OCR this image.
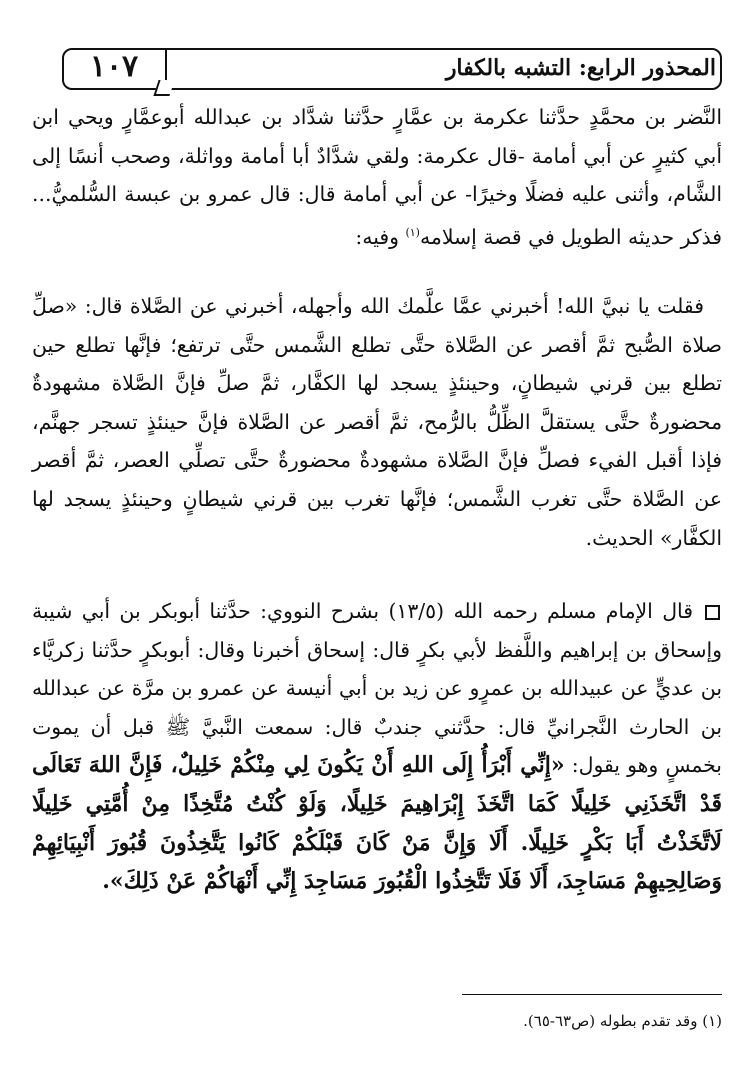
١٠٧	المحذور الرابع: التشبه بالكفار

النَّضر بن محمَّدٍ حدَّثنا عكرمة بن عمَّارٍ حدَّثنا شدَّاد بن عبدالله أبوعمَّارٍ ويحي ابن أبي كثيرٍ عن أبي أمامة -قال عكرمة: ولقي شدَّادٌ أبا أمامة وواثلة، وصحب أنسًا إلى الشَّام، وأثنى عليه فضلًا وخيرًا- عن أبي أمامة قال: قال عمرو بن عبسة السُّلميُّ... فذكر حديثه الطويل في قصة إسلامه$^{(١)}$ وفيه:

فقلت يا نبيَّ الله! أخبرني عمَّا علَّمك الله وأجهله، أخبرني عن الصَّلاة قال: «صلِّ صلاة الصُّبح ثمَّ أقصر عن الصَّلاة حتَّى تطلع الشَّمس حتَّى ترتفع؛ فإنَّها تطلع حين تطلع بين قرني شيطانٍ، وحينئذٍ يسجد لها الكفَّار، ثمَّ صلِّ فإنَّ الصَّلاة مشهودةٌ محضورةٌ حتَّى يستقلَّ الظِّلُّ بالرُّمح، ثمَّ أقصر عن الصَّلاة فإنَّ حينئذٍ تسجر جهنَّم، فإذا أقبل الفيء فصلِّ فإنَّ الصَّلاة مشهودةٌ محضورةٌ حتَّى تصلِّي العصر، ثمَّ أقصر عن الصَّلاة حتَّى تغرب الشَّمس؛ فإنَّها تغرب بين قرني شيطانٍ وحينئذٍ يسجد لها الكفَّار» الحديث.

قال الإمام مسلم رحمه الله (١٣/٥) بشرح النووي: حدَّثنا أبوبكر بن أبي شيبة وإسحاق بن إبراهيم واللَّفظ لأبي بكرٍ قال: إسحاق أخبرنا وقال: أبوبكرٍ حدَّثنا زكريَّاء بن عديٍّ عن عبيدالله بن عمرٍو عن زيد بن أبي أنيسة عن عمرو بن مرَّة عن عبدالله بن الحارث النَّجرانيِّ قال: حدَّثني جندبٌ قال: سمعت النَّبيَّ ﷺ قبل أن يموت بخمسٍ وهو يقول: «إِنِّي أَبْرَأُ إِلَى اللهِ أَنْ يَكُونَ لِي مِنْكُمْ خَلِيلٌ، فَإِنَّ اللهَ تَعَالَى قَدْ اتَّخَذَنِي خَلِيلًا كَمَا اتَّخَذَ إِبْرَاهِيمَ خَلِيلًا، وَلَوْ كُنْتُ مُتَّخِذًا مِنْ أُمَّتِي خَلِيلًا لَاتَّخَذْتُ أَبَا بَكْرٍ خَلِيلًا. أَلَا وَإِنَّ مَنْ كَانَ قَبْلَكُمْ كَانُوا يَتَّخِذُونَ قُبُورَ أَنْبِيَائِهِمْ وَصَالِحِيهِمْ مَسَاجِدَ، أَلَا فَلَا تَتَّخِذُوا الْقُبُورَ مَسَاجِدَ إِنِّي أَنْهَاكُمْ عَنْ ذَلِكَ».

(١) وقد تقدم بطوله (ص٦٣-٦٥).
